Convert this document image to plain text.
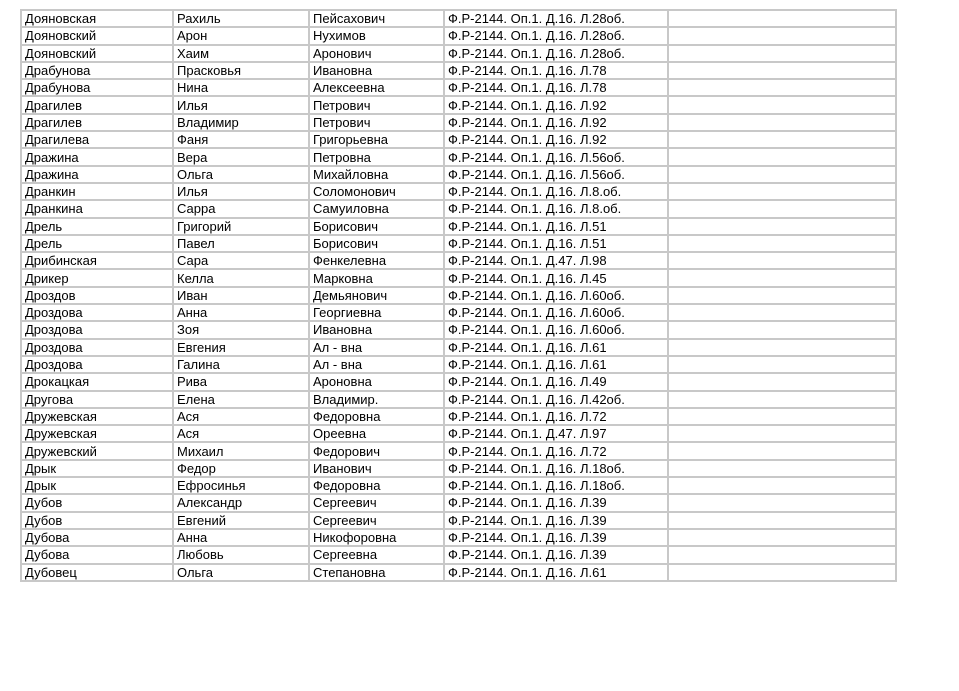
Дояновская	Рахиль	Пейсахович	Ф.Р-2144. Оп.1. Д.16. Л.28об.	
Дояновский	Арон	Нухимов	Ф.Р-2144. Оп.1. Д.16. Л.28об.	
Дояновский	Хаим	Аронович	Ф.Р-2144. Оп.1. Д.16. Л.28об.	
Драбунова	Прасковья	Ивановна	Ф.Р-2144. Оп.1. Д.16. Л.78	
Драбунова	Нина	Алексеевна	Ф.Р-2144. Оп.1. Д.16. Л.78	
Драгилев	Илья	Петрович	Ф.Р-2144. Оп.1. Д.16. Л.92	
Драгилев	Владимир	Петрович	Ф.Р-2144. Оп.1. Д.16. Л.92	
Драгилева	Фаня	Григорьевна	Ф.Р-2144. Оп.1. Д.16. Л.92	
Дражина	Вера	Петровна	Ф.Р-2144. Оп.1. Д.16. Л.56об.	
Дражина	Ольга	Михайловна	Ф.Р-2144. Оп.1. Д.16. Л.56об.	
Дранкин	Илья	Соломонович	Ф.Р-2144. Оп.1. Д.16. Л.8.об.	
Дранкина	Сарра	Самуиловна	Ф.Р-2144. Оп.1. Д.16. Л.8.об.	
Дрель	Григорий	Борисович	Ф.Р-2144. Оп.1. Д.16. Л.51	
Дрель	Павел	Борисович	Ф.Р-2144. Оп.1. Д.16. Л.51	
Дрибинская	Сара	Фенкелевна	Ф.Р-2144. Оп.1. Д.47. Л.98	
Дрикер	Келла	Марковна	Ф.Р-2144. Оп.1. Д.16. Л.45	
Дроздов	Иван	Демьянович	Ф.Р-2144. Оп.1. Д.16. Л.60об.	
Дроздова	Анна	Георгиевна	Ф.Р-2144. Оп.1. Д.16. Л.60об.	
Дроздова	Зоя	Ивановна	Ф.Р-2144. Оп.1. Д.16. Л.60об.	
Дроздова	Евгения	Ал - вна	Ф.Р-2144. Оп.1. Д.16. Л.61	
Дроздова	Галина	Ал - вна	Ф.Р-2144. Оп.1. Д.16. Л.61	
Дрокацкая	Рива	Ароновна	Ф.Р-2144. Оп.1. Д.16. Л.49	
Другова	Елена	Владимир.	Ф.Р-2144. Оп.1. Д.16. Л.42об.	
Дружевская	Ася	Федоровна	Ф.Р-2144. Оп.1. Д.16. Л.72	
Дружевская	Ася	Ореевна	Ф.Р-2144. Оп.1. Д.47. Л.97	
Дружевский	Михаил	Федорович	Ф.Р-2144. Оп.1. Д.16. Л.72	
Дрык	Федор	Иванович	Ф.Р-2144. Оп.1. Д.16. Л.18об.	
Дрык	Ефросинья	Федоровна	Ф.Р-2144. Оп.1. Д.16. Л.18об.	
Дубов	Александр	Сергеевич	Ф.Р-2144. Оп.1. Д.16. Л.39	
Дубов	Евгений	Сергеевич	Ф.Р-2144. Оп.1. Д.16. Л.39	
Дубова	Анна	Никофоровна	Ф.Р-2144. Оп.1. Д.16. Л.39	
Дубова	Любовь	Сергеевна	Ф.Р-2144. Оп.1. Д.16. Л.39	
Дубовец	Ольга	Степановна	Ф.Р-2144. Оп.1. Д.16. Л.61	
